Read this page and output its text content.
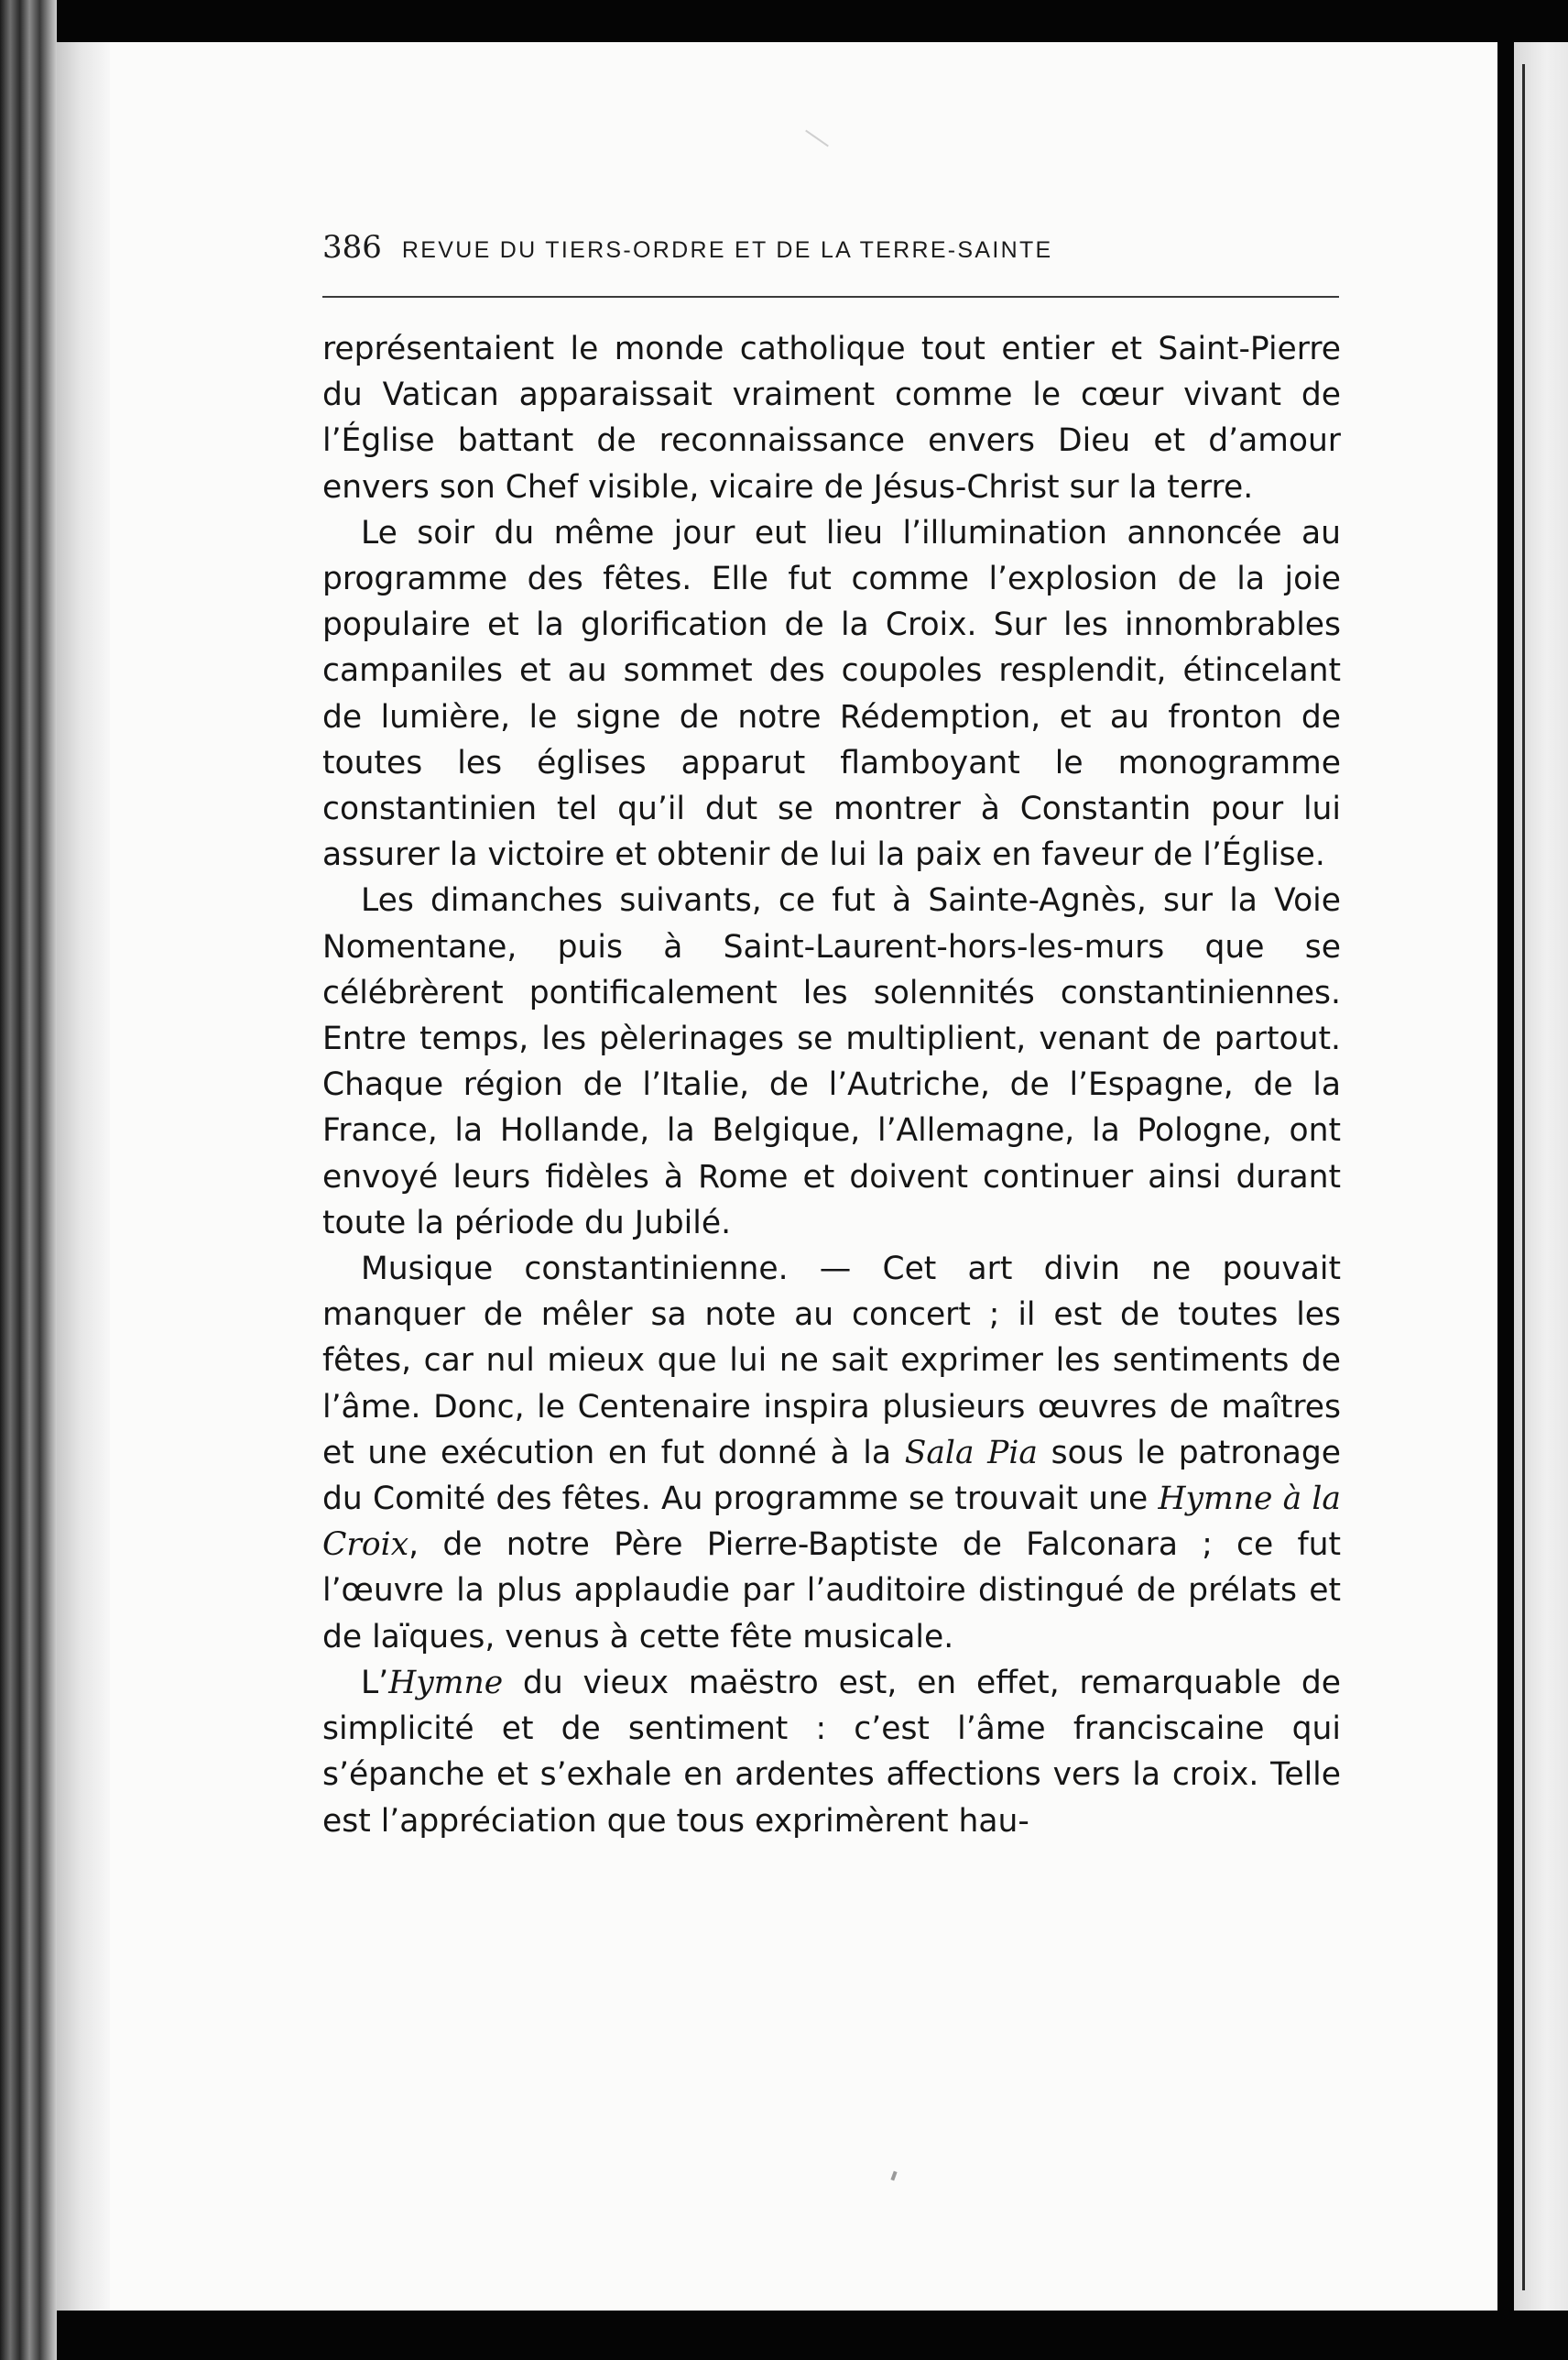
386 REVUE DU TIERS-ORDRE ET DE LA TERRE-SAINTE

représentaient le monde catholique tout entier et Saint-Pierre du Vatican apparaissait vraiment comme le cœur vivant de l’Église battant de reconnaissance envers Dieu et d’amour envers son Chef visible, vicaire de Jésus-Christ sur la terre.

Le soir du même jour eut lieu l’illumination annoncée au programme des fêtes. Elle fut comme l’explosion de la joie populaire et la glorification de la Croix. Sur les innombrables campaniles et au sommet des coupoles resplendit, étincelant de lumière, le signe de notre Rédemption, et au fronton de toutes les églises apparut flamboyant le monogramme constantinien tel qu’il dut se montrer à Constantin pour lui assurer la victoire et obtenir de lui la paix en faveur de l’Église.

Les dimanches suivants, ce fut à Sainte-Agnès, sur la Voie Nomentane, puis à Saint-Laurent-hors-les-murs que se célébrèrent pontificalement les solennités constantiniennes. Entre temps, les pèlerinages se multiplient, venant de partout. Chaque région de l’Italie, de l’Autriche, de l’Espagne, de la France, la Hollande, la Belgique, l’Allemagne, la Pologne, ont envoyé leurs fidèles à Rome et doivent continuer ainsi durant toute la période du Jubilé.

Musique constantinienne. — Cet art divin ne pouvait manquer de mêler sa note au concert ; il est de toutes les fêtes, car nul mieux que lui ne sait exprimer les sentiments de l’âme. Donc, le Centenaire inspira plusieurs œuvres de maîtres et une exécution en fut donné à la Sala Pia sous le patronage du Comité des fêtes. Au programme se trouvait une Hymne à la Croix, de notre Père Pierre-Baptiste de Falconara ; ce fut l’œuvre la plus applaudie par l’auditoire distingué de prélats et de laïques, venus à cette fête musicale.

L’Hymne du vieux maëstro est, en effet, remarquable de simplicité et de sentiment : c’est l’âme franciscaine qui s’épanche et s’exhale en ardentes affections vers la croix. Telle est l’appréciation que tous exprimèrent hau-
